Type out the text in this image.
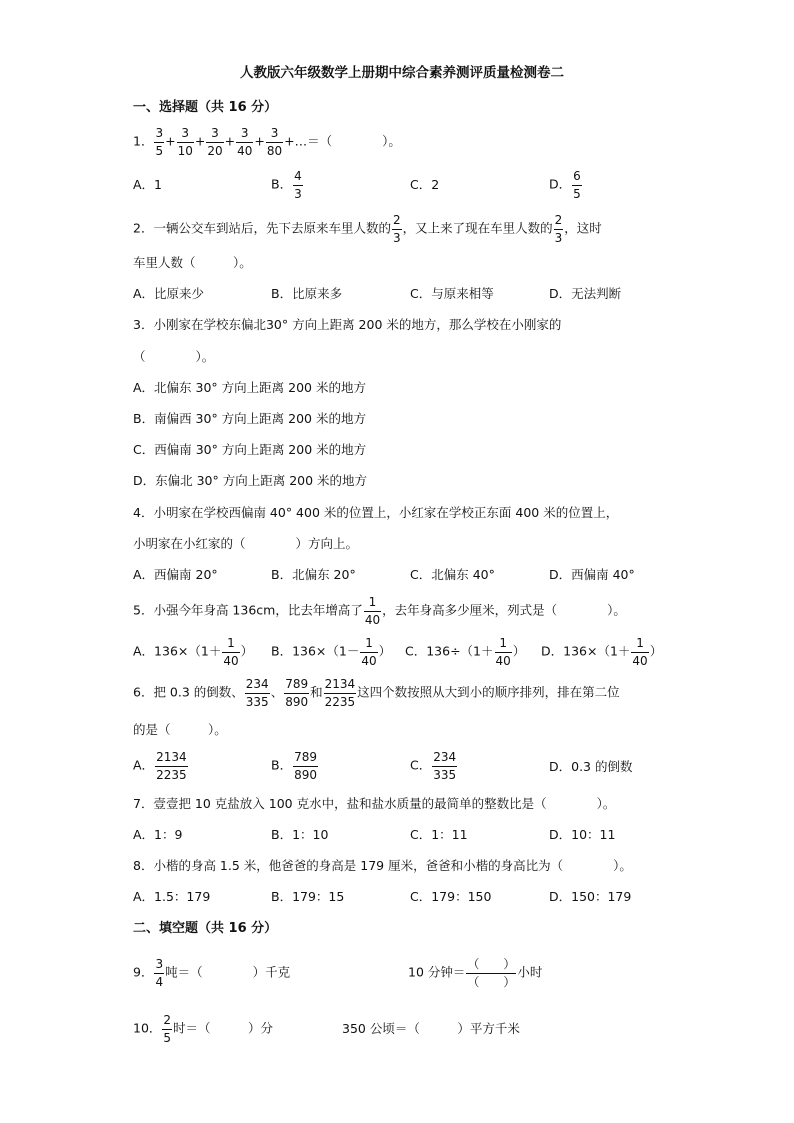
人教版六年级数学上册期中综合素养测评质量检测卷二
一、选择题（共 16 分）
1． $\frac{3}{5} + \frac{3}{10} + \frac{3}{20} + \frac{3}{40} + \frac{3}{80}$ +…＝（　　　　）。
A．1	B． $\frac{4}{3}$	C．2	D． $\frac{6}{5}$
2．一辆公交车到站后，先下去原来车里人数的 $\frac{2}{3}$ ，又上来了现在车里人数的 $\frac{2}{3}$ ，这时
车里人数（　　　）。
A．比原来少	B．比原来多	C．与原来相等	D．无法判断
3．小刚家在学校东偏北30° 方向上距离 200 米的地方，那么学校在小刚家的
（　　　　）。
A．北偏东 30° 方向上距离 200 米的地方
B．南偏西 30° 方向上距离 200 米的地方
C．西偏南 30° 方向上距离 200 米的地方
D．东偏北 30° 方向上距离 200 米的地方
4．小明家在学校西偏南 40° 400 米的位置上，小红家在学校正东面 400 米的位置上，
小明家在小红家的（　　　　）方向上。
A．西偏南 20°	B．北偏东 20°	C．北偏东 40°	D．西偏南 40°
5．小强今年身高 136cm，比去年增高了 $\frac{1}{40}$ ，去年身高多少厘米，列式是（　　　　）。
A．$136\times(1+ \frac{1}{40}$ ） B．$136\times(1- \frac{1}{40}$ ） C．$136\div(1+ \frac{1}{40}$ ） D．$136\times(1+ \frac{1}{40}$ ）
6．把 0.3 的倒数、 $\frac{234}{335}$ 、 $\frac{789}{890}$ 和 $\frac{2134}{2235}$ 这四个数按照从大到小的顺序排列，排在第二位
的是（　　　）。
A． $\frac{2134}{2235}$	B． $\frac{789}{890}$	C． $\frac{234}{335}$	D．0.3 的倒数
7．壹壹把 10 克盐放入 100 克水中，盐和盐水质量的最简单的整数比是（　　　　）。
A．1：9	B．1：10	C．1：11	D．10：11
8．小楷的身高 1.5 米，他爸爸的身高是 179 厘米，爸爸和小楷的身高比为（　　　　）。
A．1.5：179	B．179：15	C．179：150	D．150：179
二、填空题（共 16 分）
9． $\frac{3}{4}$ 吨＝（　　　　）千克	10 分钟＝
（　　）
（　　）
小时
10． $\frac{2}{5}$ 时＝（　　　）分	350 公顷＝（　　　）平方千米
